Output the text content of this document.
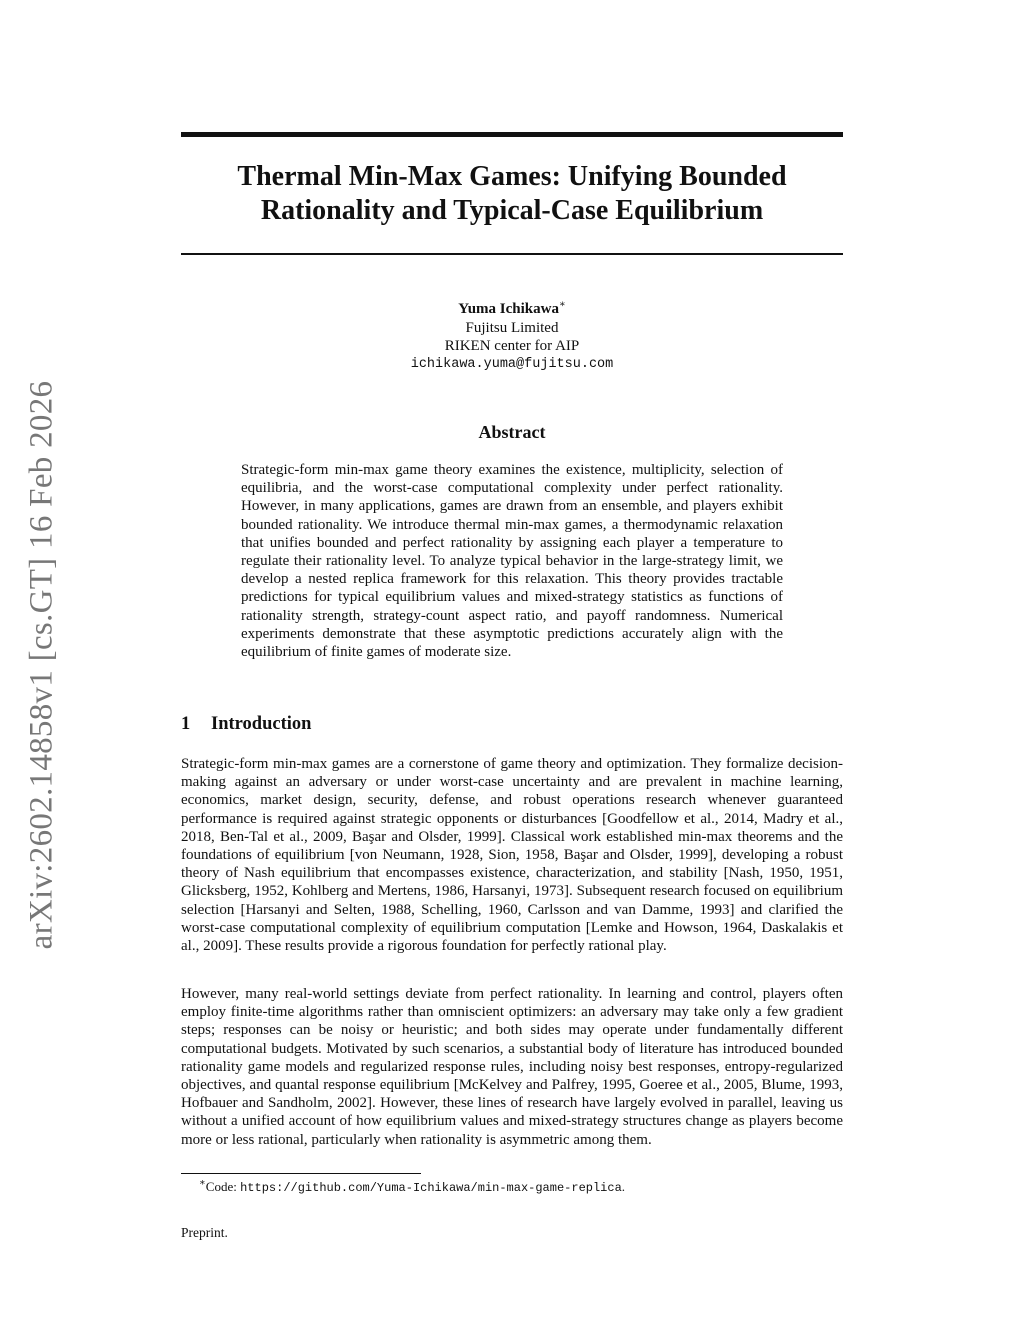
arXiv:2602.14858v1 [cs.GT] 16 Feb 2026
Thermal Min-Max Games: Unifying Bounded
Rationality and Typical-Case Equilibrium
Yuma Ichikawa∗
Fujitsu Limited
RIKEN center for AIP
ichikawa.yuma@fujitsu.com
Abstract

Strategic-form min-max game theory examines the existence, multiplicity, selection of equilibria, and the worst-case computational complexity under perfect rationality. However, in many applications, games are drawn from an ensemble, and players exhibit bounded rationality. We introduce thermal min-max games, a thermodynamic relaxation that unifies bounded and perfect rationality by assigning each player a temperature to regulate their rationality level. To analyze typical behavior in the large-strategy limit, we develop a nested replica framework for this relaxation. This theory provides tractable predictions for typical equilibrium values and mixed-strategy statistics as functions of rationality strength, strategy-count aspect ratio, and payoff randomness. Numerical experiments demonstrate that these asymptotic predictions accurately align with the equilibrium of finite games of moderate size.

1 Introduction

Strategic-form min-max games are a cornerstone of game theory and optimization. They formalize decision-making against an adversary or under worst-case uncertainty and are prevalent in machine learning, economics, market design, security, defense, and robust operations research whenever guaranteed performance is required against strategic opponents or disturbances [Goodfellow et al., 2014, Madry et al., 2018, Ben-Tal et al., 2009, Başar and Olsder, 1999]. Classical work established min-max theorems and the foundations of equilibrium [von Neumann, 1928, Sion, 1958, Başar and Olsder, 1999], developing a robust theory of Nash equilibrium that encompasses existence, characterization, and stability [Nash, 1950, 1951, Glicksberg, 1952, Kohlberg and Mertens, 1986, Harsanyi, 1973]. Subsequent research focused on equilibrium selection [Harsanyi and Selten, 1988, Schelling, 1960, Carlsson and van Damme, 1993] and clarified the worst-case computational complexity of equilibrium computation [Lemke and Howson, 1964, Daskalakis et al., 2009]. These results provide a rigorous foundation for perfectly rational play.

However, many real-world settings deviate from perfect rationality. In learning and control, players often employ finite-time algorithms rather than omniscient optimizers: an adversary may take only a few gradient steps; responses can be noisy or heuristic; and both sides may operate under fundamentally different computational budgets. Motivated by such scenarios, a substantial body of literature has introduced bounded rationality game models and regularized response rules, including noisy best responses, entropy-regularized objectives, and quantal response equilibrium [McKelvey and Palfrey, 1995, Goeree et al., 2005, Blume, 1993, Hofbauer and Sandholm, 2002]. However, these lines of research have largely evolved in parallel, leaving us without a unified account of how equilibrium values and mixed-strategy structures change as players become more or less rational, particularly when rationality is asymmetric among them.

∗Code: https://github.com/Yuma-Ichikawa/min-max-game-replica.

Preprint.
